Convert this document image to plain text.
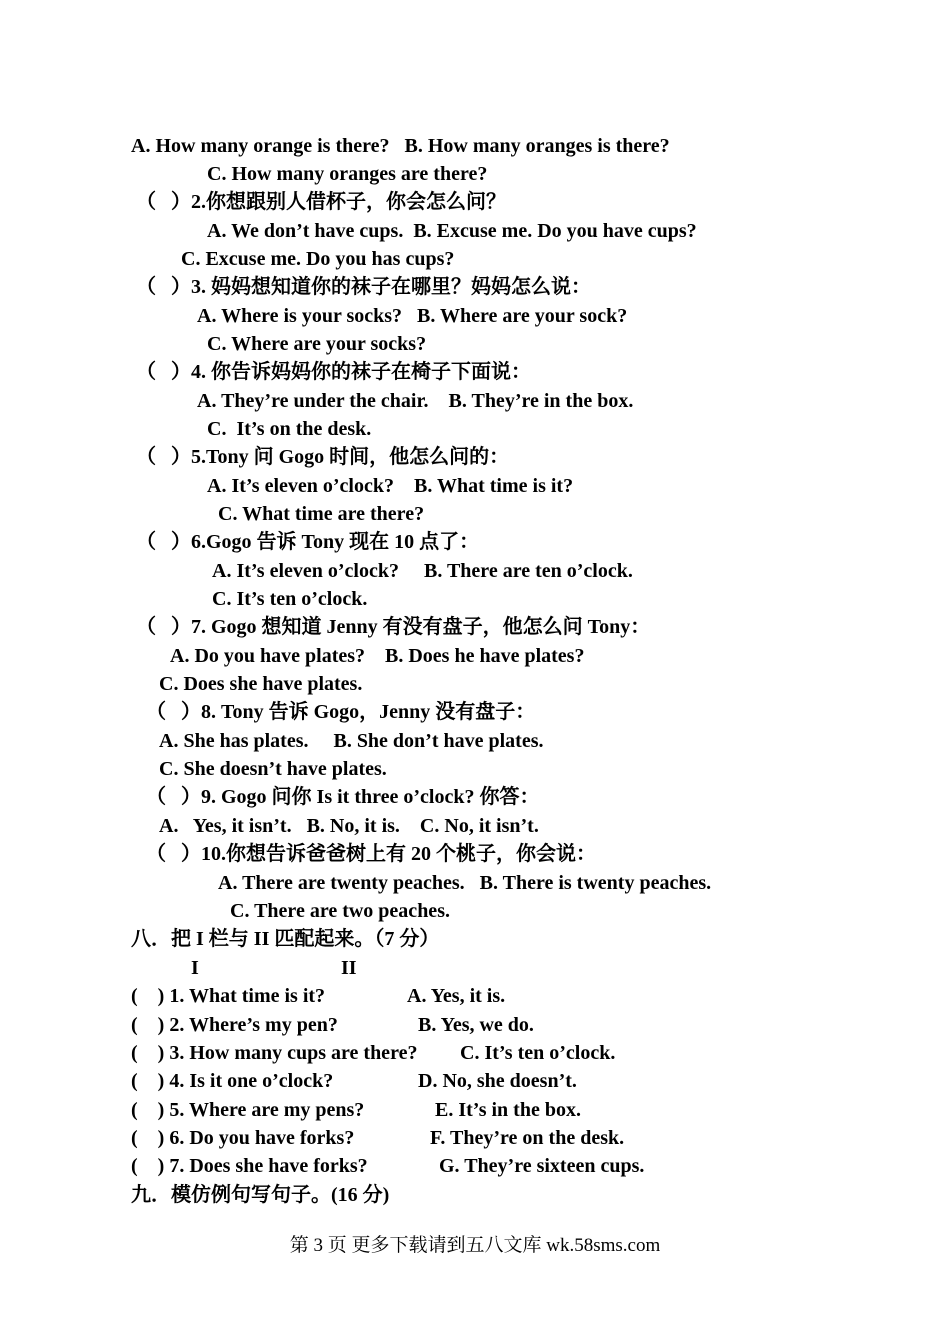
A. How many orange is there?   B. How many oranges is there?
C. How many oranges are there?
（   ）2.你想跟别人借杯子，你会怎么问？
A. We don’t have cups.  B. Excuse me. Do you have cups?
C. Excuse me. Do you has cups?
（   ）3. 妈妈想知道你的袜子在哪里？妈妈怎么说：
A. Where is your socks?   B. Where are your sock?
C. Where are your socks?
（   ）4. 你告诉妈妈你的袜子在椅子下面说：
A. They’re under the chair.    B. They’re in the box.
C.  It’s on the desk.
（   ）5.Tony 问 Gogo 时间，他怎么问的：
A. It’s eleven o’clock?    B. What time is it?
C. What time are there?
（   ）6.Gogo 告诉 Tony 现在 10 点了：
A. It’s eleven o’clock?     B. There are ten o’clock.
C. It’s ten o’clock.
（   ）7. Gogo 想知道 Jenny 有没有盘子，他怎么问 Tony：
A. Do you have plates?    B. Does he have plates?
C. Does she have plates.
（   ）8. Tony 告诉 Gogo，Jenny 没有盘子：
A. She has plates.     B. She don’t have plates.
C. She doesn’t have plates.
（   ）9. Gogo 问你 Is it three o’clock? 你答：
A.   Yes, it isn’t.   B. No, it is.    C. No, it isn’t.
（   ）10.你想告诉爸爸树上有 20 个桃子，你会说：
A. There are twenty peaches.   B. There is twenty peaches.
C. There are two peaches.
八．把 I 栏与 II 匹配起来。（7 分）
I	II
(    ) 1. What time is it?	A. Yes, it is.
(    ) 2. Where’s my pen?	B. Yes, we do.
(    ) 3. How many cups are there? C. It’s ten o’clock.
(    ) 4. Is it one o’clock?	D. No, she doesn’t.
(    ) 5. Where are my pens?	E. It’s in the box.
(    ) 6. Do you have forks?	F. They’re on the desk.
(    ) 7. Does she have forks?	G. They’re sixteen cups.
九．模仿例句写句子。(16 分)
第 3 页 更多下载请到五八文库 wk.58sms.com
